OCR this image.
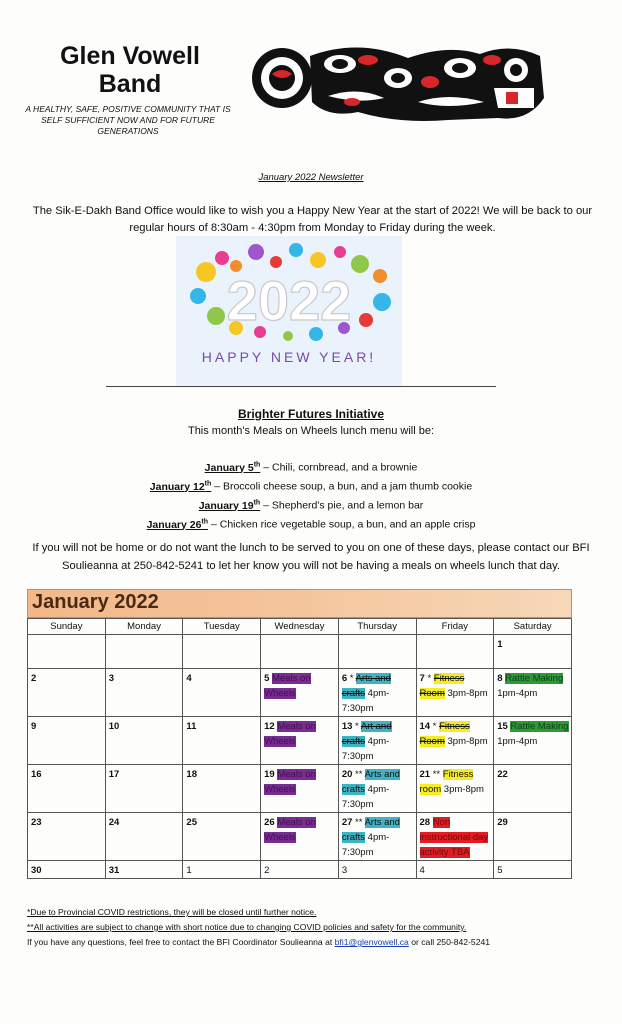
Glen Vowell
Band
A HEALTHY, SAFE, POSITIVE COMMUNITY THAT IS SELF SUFFICIENT NOW AND FOR FUTURE GENERATIONS
January 2022 Newsletter
The Sik-E-Dakh Band Office would like to wish you a Happy New Year at the start of 2022! We will be back to our regular hours of 8:30am - 4:30pm from Monday to Friday during the week.
2022
HAPPY NEW YEAR!
Brighter Futures Initiative
This month's Meals on Wheels lunch menu will be:
January 5th – Chili, cornbread, and a brownie
January 12th – Broccoli cheese soup, a bun, and a jam thumb cookie
January 19th – Shepherd's pie, and a lemon bar
January 26th – Chicken rice vegetable soup, a bun, and an apple crisp
If you will not be home or do not want the lunch to be served to you on one of these days, please contact our BFI Soulieanna at 250-842-5241 to let her know you will not be having a meals on wheels lunch that day.
January 2022
Sunday	Monday	Tuesday	Wednesday	Thursday	Friday	Saturday
						1
2	3	4	5 Meals on Wheels	6 * Arts and crafts 4pm-7:30pm	7 * Fitness Room 3pm-8pm	8 Rattle Making 1pm-4pm
9	10	11	12 Meals on Wheels	13 * Art and crafts 4pm-7:30pm	14 * Fitness Room 3pm-8pm	15 Rattle Making 1pm-4pm
16	17	18	19 Meals on Wheels	20 ** Arts and crafts 4pm-7:30pm	21 ** Fitness room 3pm-8pm	22
23	24	25	26 Meals on Wheels	27 ** Arts and crafts 4pm-7:30pm	28 Non instructional day activity TBA	29
30	31	1	2	3	4	5
*Due to Provincial COVID restrictions, they will be closed until further notice.
**All activities are subject to change with short notice due to changing COVID policies and safety for the community.
If you have any questions, feel free to contact the BFI Coordinator Soulieanna at bfi1@glenvowell.ca or call 250-842-5241
